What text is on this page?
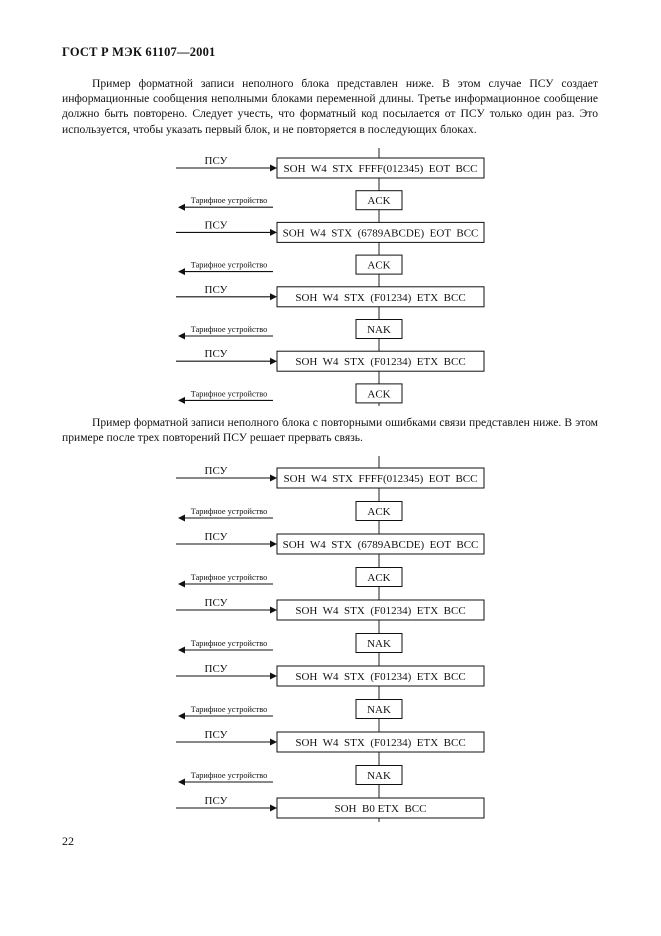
ГОСТ Р МЭК 61107—2001

Пример форматной записи неполного блока представлен ниже. В этом случае ПСУ создает информационные сообщения неполными блоками переменной длины. Третье информационное сообщение должно быть повторено. Следует учесть, что форматный код посылается от ПСУ только один раз. Это используется, чтобы указать первый блок, и не повторяется в последующих блоках.

ПСУ
SOH  W4  STX  FFFF(012345)  EOT  BCC
Тарифное устройство	ACK
ПСУ
SOH  W4  STX  (6789ABCDE)  EOT  BCC
Тарифное устройство	ACK
ПСУ
SOH  W4  STX  (F01234)  ETX  BCC
Тарифное устройство	NAK
ПСУ
SOH  W4  STX  (F01234)  ETX  BCC
Тарифное устройство	ACK

Пример форматной записи неполного блока с повторными ошибками связи представлен ниже. В этом примере после трех повторений ПСУ решает прервать связь.

ПСУ
SOH  W4  STX  FFFF(012345)  EOT  BCC
Тарифное устройство	ACK
ПСУ
SOH  W4  STX  (6789ABCDE)  EOT  BCC
Тарифное устройство	ACK
ПСУ
SOH  W4  STX  (F01234)  ETX  BCC
Тарифное устройство	NAK
ПСУ
SOH  W4  STX  (F01234)  ETX  BCC
Тарифное устройство	NAK
ПСУ
SOH  W4  STX  (F01234)  ETX  BCC
Тарифное устройство	NAK
ПСУ
SOH  B0 ETX  BCC
22
